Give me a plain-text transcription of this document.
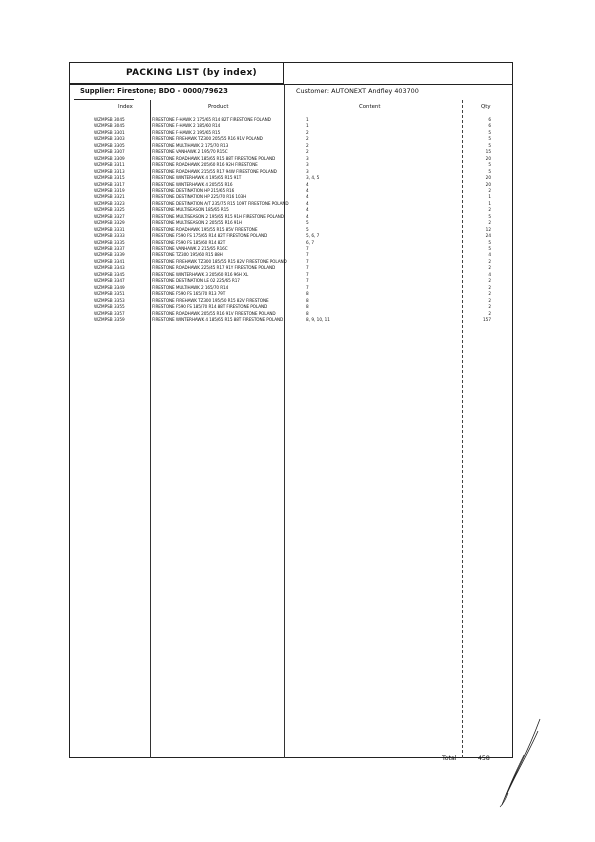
PACKING LIST (by index)
Supplier: Firestone; BDO - 0000/79623	Customer: AUTONEXT Andfley 403700
Index	Product	Content	Qty
WZMPSB 3045	FIRESTONE F-HAWK 2 175/65 R14 82T FIRESTONE FOLAND	1	6
WZMPSB 3045	FIRESTONE F-HAWK 2 185/60 R14	1	6
WZMPSB 3301	FIRESTONE F-HAWK 2 195/65 R15	2	5
WZMPSB 3303	FIRESTONE FIREHAWK TZ300 205/55 R16 91V POLAND	2	5
WZMPSB 3305	FIRESTONE MULTIHAWK 2 175/70 R13	2	5
WZMPSB 3307	FIRESTONE VANHAWK 2 195/70 R15C	2	15
WZMPSB 3309	FIRESTONE ROADHAWK 185/65 R15 88T FIRESTONE POLAND	3	20
WZMPSB 3311	FIRESTONE ROADHAWK 205/60 R16 92H FIRESTONE	3	5
WZMPSB 3313	FIRESTONE ROADHAWK 215/55 R17 94W FIRESTONE POLAND	3	5
WZMPSB 3315	FIRESTONE WINTERHAWK 4 195/65 R15 91T	3, 4, 5	20
WZMPSB 3317	FIRESTONE WINTERHAWK 4 205/55 R16	4	20
WZMPSB 3319	FIRESTONE DESTINATION HP 215/65 R16	4	2
WZMPSB 3321	FIRESTONE DESTINATION HP 225/70 R16 103H	4	1
WZMPSB 3323	FIRESTONE DESTINATION A/T 235/75 R15 109T FIRESTONE POLAND	4	1
WZMPSB 3325	FIRESTONE MULTISEASON 185/65 R15	4	2
WZMPSB 3327	FIRESTONE MULTISEASON 2 195/65 R15 91H FIRESTONE POLAND	4	5
WZMPSB 3329	FIRESTONE MULTISEASON 2 205/55 R16 91H	5	2
WZMPSB 3331	FIRESTONE ROADHAWK 195/55 R15 85V FIRESTONE	5	12
WZMPSB 3333	FIRESTONE F590 FS 175/65 R14 82T FIRESTONE POLAND	5, 6, 7	24
WZMPSB 3335	FIRESTONE F590 FS 185/60 R14 82T	6, 7	5
WZMPSB 3337	FIRESTONE VANHAWK 2 215/65 R16C	7	5
WZMPSB 3339	FIRESTONE TZ300 195/60 R15 88H	7	4
WZMPSB 3341	FIRESTONE FIREHAWK TZ300 185/55 R15 82V FIRESTONE POLAND	7	2
WZMPSB 3343	FIRESTONE ROADHAWK 225/45 R17 91Y FIRESTONE POLAND	7	2
WZMPSB 3345	FIRESTONE WINTERHAWK 3 205/60 R16 96H XL	7	4
WZMPSB 3347	FIRESTONE DESTINATION LE 02 225/65 R17	7	2
WZMPSB 3349	FIRESTONE MULTIHAWK 2 165/70 R14	7	2
WZMPSB 3351	FIRESTONE F590 FS 165/70 R13 79T	8	2
WZMPSB 3353	FIRESTONE FIREHAWK TZ300 195/50 R15 82V FIRESTONE	8	2
WZMPSB 3355	FIRESTONE F590 FS 185/70 R14 88T FIRESTONE POLAND	8	2
WZMPSB 3357	FIRESTONE ROADHAWK 205/55 R16 91V FIRESTONE POLAND	8	2
WZMPSB 3359	FIRESTONE WINTERHAWK 4 185/65 R15 88T FIRESTONE POLAND	8, 9, 10, 11	157
Total	458
